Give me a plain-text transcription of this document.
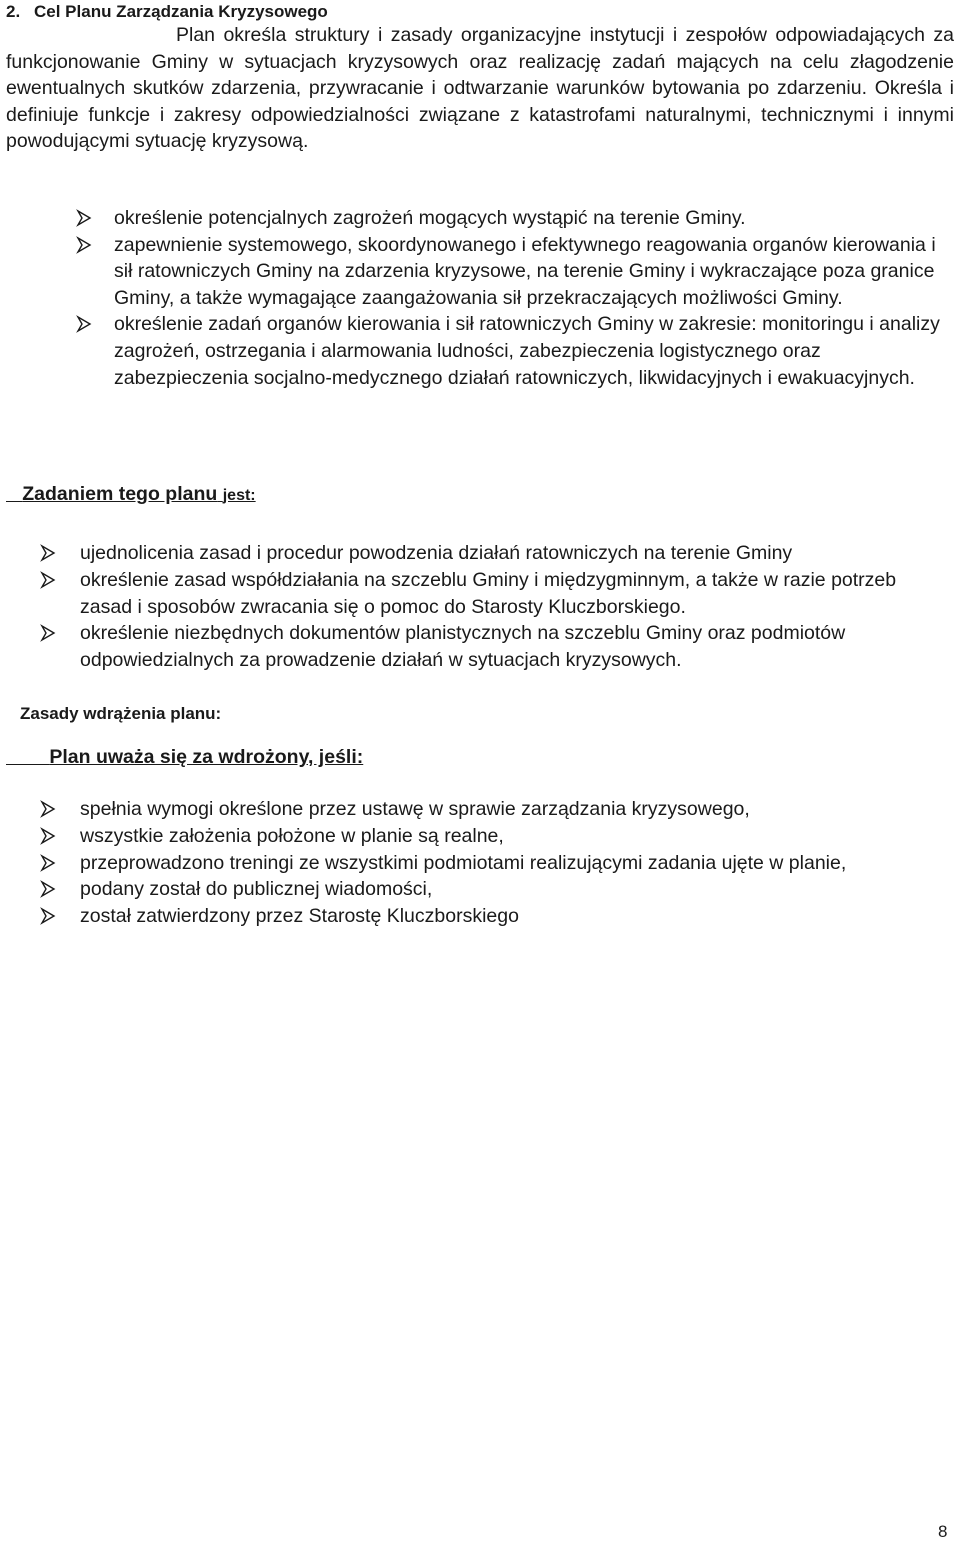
2. Cel Planu Zarządzania Kryzysowego

Plan określa struktury i zasady organizacyjne instytucji i zespołów odpowiadających za funkcjonowanie Gminy w sytuacjach kryzysowych oraz realizację zadań mających na celu złagodzenie ewentualnych skutków zdarzenia, przywracanie i odtwarzanie warunków bytowania po zdarzeniu. Określa i definiuje funkcje i zakresy odpowiedzialności związane z katastrofami naturalnymi, technicznymi i innymi powodującymi sytuację kryzysową.

określenie potencjalnych zagrożeń mogących wystąpić na terenie Gminy.
zapewnienie systemowego, skoordynowanego i efektywnego reagowania organów kierowania i sił ratowniczych Gminy na zdarzenia kryzysowe, na terenie Gminy i wykraczające poza granice Gminy, a także wymagające zaangażowania sił przekraczających możliwości Gminy.
określenie zadań organów kierowania i sił ratowniczych Gminy w zakresie: monitoringu i analizy zagrożeń, ostrzegania i alarmowania ludności, zabezpieczenia logistycznego oraz zabezpieczenia socjalno-medycznego działań ratowniczych, likwidacyjnych i ewakuacyjnych.
Zadaniem tego planu jest:
ujednolicenia zasad i procedur powodzenia działań ratowniczych na terenie Gminy
określenie zasad współdziałania na szczeblu Gminy i międzygminnym, a także w razie potrzeb zasad i sposobów zwracania się o pomoc do Starosty Kluczborskiego.
określenie niezbędnych dokumentów planistycznych na szczeblu Gminy oraz podmiotów odpowiedzialnych za prowadzenie działań w sytuacjach kryzysowych.
Zasady wdrążenia planu:
Plan uważa się za wdrożony, jeśli:
spełnia wymogi określone przez ustawę w sprawie zarządzania kryzysowego,
wszystkie założenia położone w planie są realne,
przeprowadzono treningi ze wszystkimi podmiotami realizującymi zadania ujęte w planie,
podany został do publicznej wiadomości,
został zatwierdzony przez Starostę Kluczborskiego
8
